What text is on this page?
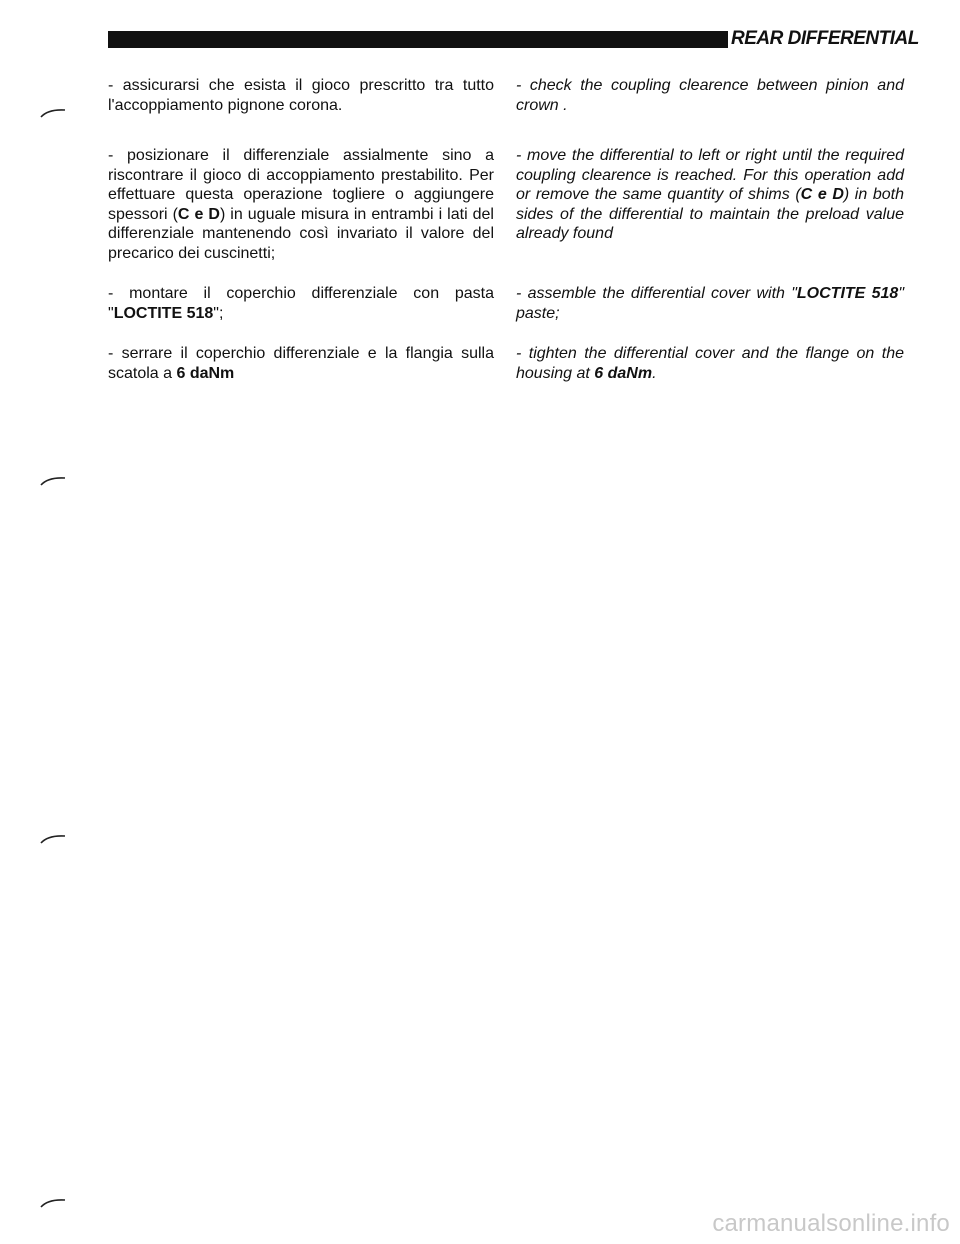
REAR DIFFERENTIAL

- assicurarsi che esista il gioco prescritto tra tutto l'accoppiamento pignone corona.

- posizionare il differenziale assialmente sino a riscontrare il gioco di accoppiamento prestabilito. Per effettuare questa operazione togliere o aggiungere spessori (C e D) in uguale misura in entrambi i lati del differenziale mantenendo così invariato il valore del precarico dei cuscinetti;

- montare il coperchio differenziale con pasta "LOCTITE 518";

- serrare il coperchio differenziale e la flangia sulla scatola a 6 daNm

- check the coupling clearence between pinion and crown .

- move the differential to left or right until the required coupling clearence is reached. For this operation add or remove the same quantity of shims (C e D) in both sides of the differential to maintain the preload value already found

- assemble the differential cover with "LOCTITE 518" paste;

- tighten the differential cover and the flange on the housing at 6 daNm.

carmanualsonline.info
